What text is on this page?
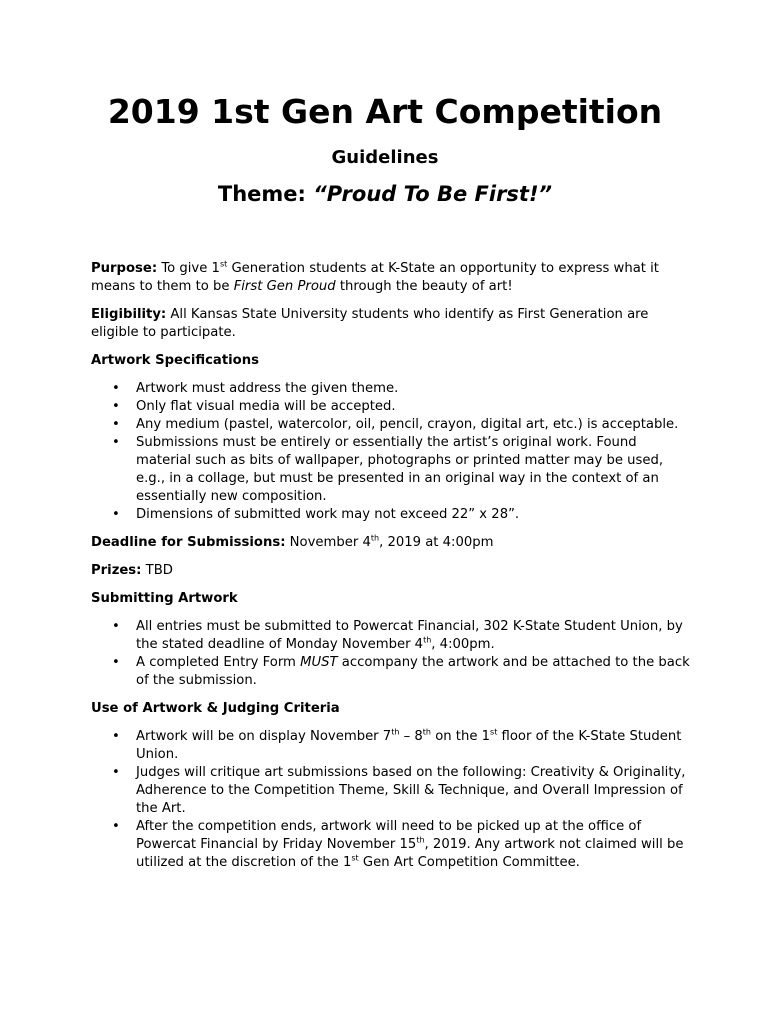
2019 1st Gen Art Competition
Guidelines
Theme: “Proud To Be First!”

Purpose: To give 1st Generation students at K-State an opportunity to express what it means to them to be First Gen Proud through the beauty of art!

Eligibility: All Kansas State University students who identify as First Generation are eligible to participate.

Artwork Specifications
• Artwork must address the given theme.
• Only flat visual media will be accepted.
• Any medium (pastel, watercolor, oil, pencil, crayon, digital art, etc.) is acceptable.
• Submissions must be entirely or essentially the artist’s original work. Found material such as bits of wallpaper, photographs or printed matter may be used, e.g., in a collage, but must be presented in an original way in the context of an essentially new composition.
• Dimensions of submitted work may not exceed 22” x 28”.

Deadline for Submissions: November 4th, 2019 at 4:00pm

Prizes: TBD

Submitting Artwork
• All entries must be submitted to Powercat Financial, 302 K-State Student Union, by the stated deadline of Monday November 4th, 4:00pm.
• A completed Entry Form MUST accompany the artwork and be attached to the back of the submission.
Use of Artwork & Judging Criteria
• Artwork will be on display November 7th – 8th on the 1st floor of the K-State Student Union.
• Judges will critique art submissions based on the following: Creativity & Originality, Adherence to the Competition Theme, Skill & Technique, and Overall Impression of the Art.
• After the competition ends, artwork will need to be picked up at the office of Powercat Financial by Friday November 15th, 2019. Any artwork not claimed will be utilized at the discretion of the 1st Gen Art Competition Committee.
